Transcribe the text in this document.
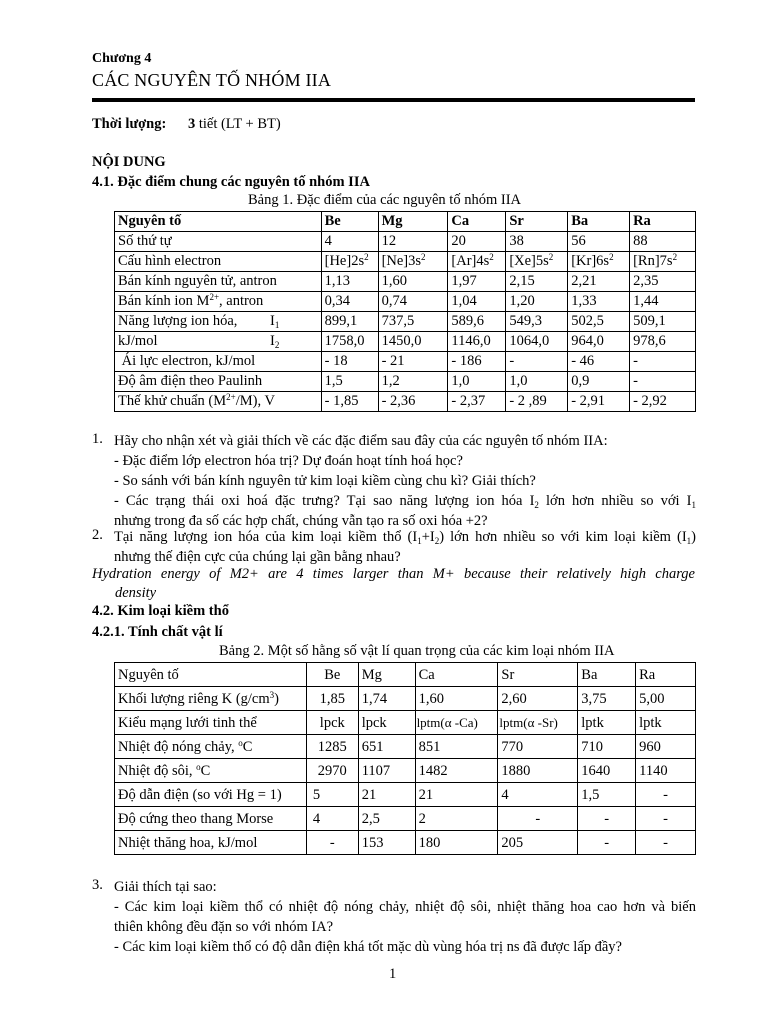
Chương 4
CÁC NGUYÊN TỐ NHÓM IIA
Thời lượng: 3 tiết (LT + BT)
NỘI DUNG
4.1. Đặc điểm chung các nguyên tố nhóm IIA
Bảng 1. Đặc điểm của các nguyên tố nhóm IIA
Nguyên tố	Be	Mg	Ca	Sr	Ba	Ra
Số thứ tự	4	12	20	38	56	88
Cấu hình electron	$[He]2s^2$	$[Ne]3s^2$	$[Ar]4s^2$	$[Xe]5s^2$	$[Kr]6s^2$	$[Rn]7s^2$
Bán kính nguyên tử, antron	1,13	1,60	1,97	2,15	2,21	2,35
Bán kính ion $M^{2+}$, antron	0,34	0,74	1,04	1,20	1,33	1,44
Năng lượng ion hóa, $I_1$	899,1	737,5	589,6	549,3	502,5	509,1
kJ/mol $I_2$	1758,0	1450,0	1146,0	1064,0	964,0	978,6
Ái lực electron, kJ/mol	- 18	- 21	- 186	-	- 46	-
Độ âm điện theo Paulinh	1,5	1,2	1,0	1,0	0,9	-
Thế khử chuẩn $(M^{2+}/M)$, V	- 1,85	- 2,36	- 2,37	- 2 ,89	- 2,91	- 2,92
1. Hãy cho nhận xét và giải thích về các đặc điểm sau đây của các nguyên tố nhóm IIA:
- Đặc điểm lớp electron hóa trị? Dự đoán hoạt tính hoá học?
- So sánh với bán kính nguyên tử kim loại kiềm cùng chu kì? Giải thích?
- Các trạng thái oxi hoá đặc trưng? Tại sao năng lượng ion hóa $I_2$ lớn hơn nhiều so với $I_1$
nhưng trong đa số các hợp chất, chúng vẫn tạo ra số oxi hóa +2?
2. Tại năng lượng ion hóa của kim loại kiềm thổ $(I_1+I_2)$ lớn hơn nhiều so với kim loại kiềm $(I_1)$
nhưng thế điện cực của chúng lại gần bằng nhau?
Hydration energy of M2+ are 4 times larger than M+ because their relatively high charge
density
4.2. Kim loại kiềm thổ
4.2.1. Tính chất vật lí
Bảng 2. Một số hằng số vật lí quan trọng của các kim loại nhóm IIA
Nguyên tố	Be	Mg	Ca	Sr	Ba	Ra
Khối lượng riêng K $(g/cm^3)$	1,85	1,74	1,60	2,60	3,75	5,00
Kiểu mạng lưới tinh thể	lpck	lpck	lptm(α -Ca)	lptm(α -Sr)	lptk	lptk
Nhiệt độ nóng chảy, $^o$C	1285	651	851	770	710	960
Nhiệt độ sôi, $^o$C	2970	1107	1482	1880	1640	1140
Độ dẫn điện (so với Hg = 1)	5	21	21	4	1,5	-
Độ cứng theo thang Morse	4	2,5	2	-	-	-
Nhiệt thăng hoa, kJ/mol	-	153	180	205	-	-
3. Giải thích tại sao:
- Các kim loại kiềm thổ có nhiệt độ nóng chảy, nhiệt độ sôi, nhiệt thăng hoa cao hơn và biến
thiên không đều đặn so với nhóm IA?
- Các kim loại kiềm thổ có độ dẫn điện khá tốt mặc dù vùng hóa trị ns đã được lấp đầy?
1
